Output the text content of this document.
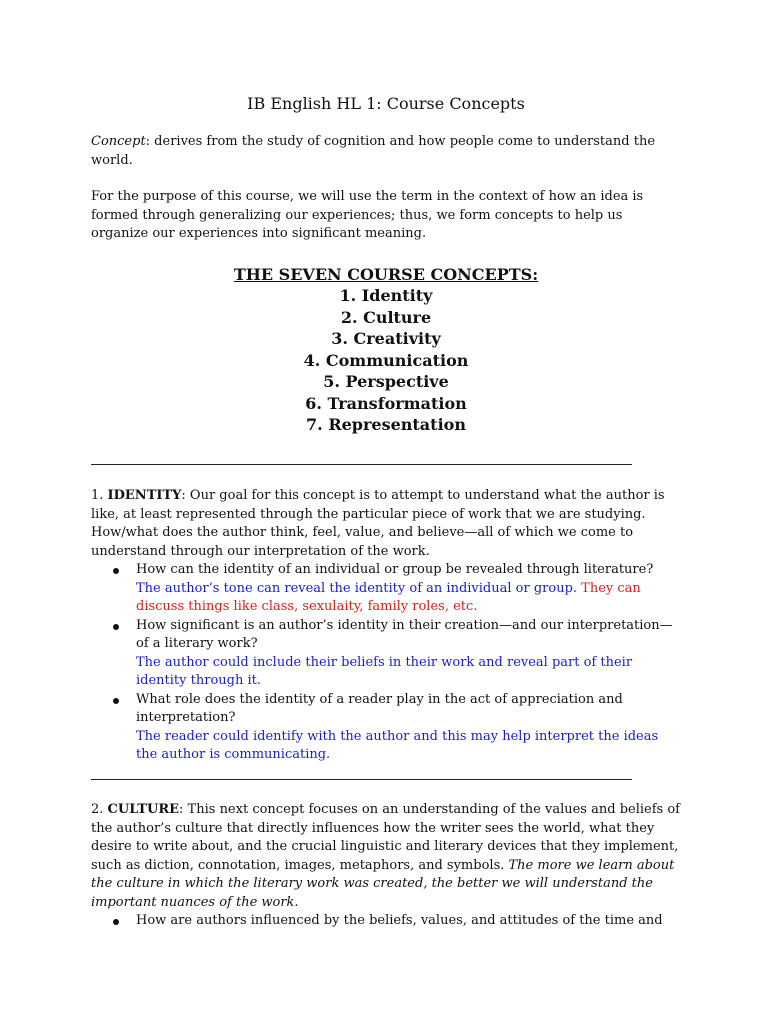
IB English HL 1: Course Concepts

Concept: derives from the study of cognition and how people come to understand the world.

For the purpose of this course, we will use the term in the context of how an idea is formed through generalizing our experiences; thus, we form concepts to help us organize our experiences into significant meaning.

THE SEVEN COURSE CONCEPTS:
1. Identity
2. Culture
3. Creativity
4. Communication
5. Perspective
6. Transformation
7. Representation

1. IDENTITY: Our goal for this concept is to attempt to understand what the author is like, at least represented through the particular piece of work that we are studying. How/what does the author think, feel, value, and believe—all of which we come to understand through our interpretation of the work.

How can the identity of an individual or group be revealed through literature?
The author’s tone can reveal the identity of an individual or group. They can discuss things like class, sexulaity, family roles, etc.
How significant is an author’s identity in their creation—and our interpretation—of a literary work?
The author could include their beliefs in their work and reveal part of their identity through it.
What role does the identity of a reader play in the act of appreciation and interpretation?
The reader could identify with the author and this may help interpret the ideas the author is communicating.

2. CULTURE: This next concept focuses on an understanding of the values and beliefs of the author’s culture that directly influences how the writer sees the world, what they desire to write about, and the crucial linguistic and literary devices that they implement, such as diction, connotation, images, metaphors, and symbols. The more we learn about the culture in which the literary work was created, the better we will understand the important nuances of the work.

How are authors influenced by the beliefs, values, and attitudes of the time and
